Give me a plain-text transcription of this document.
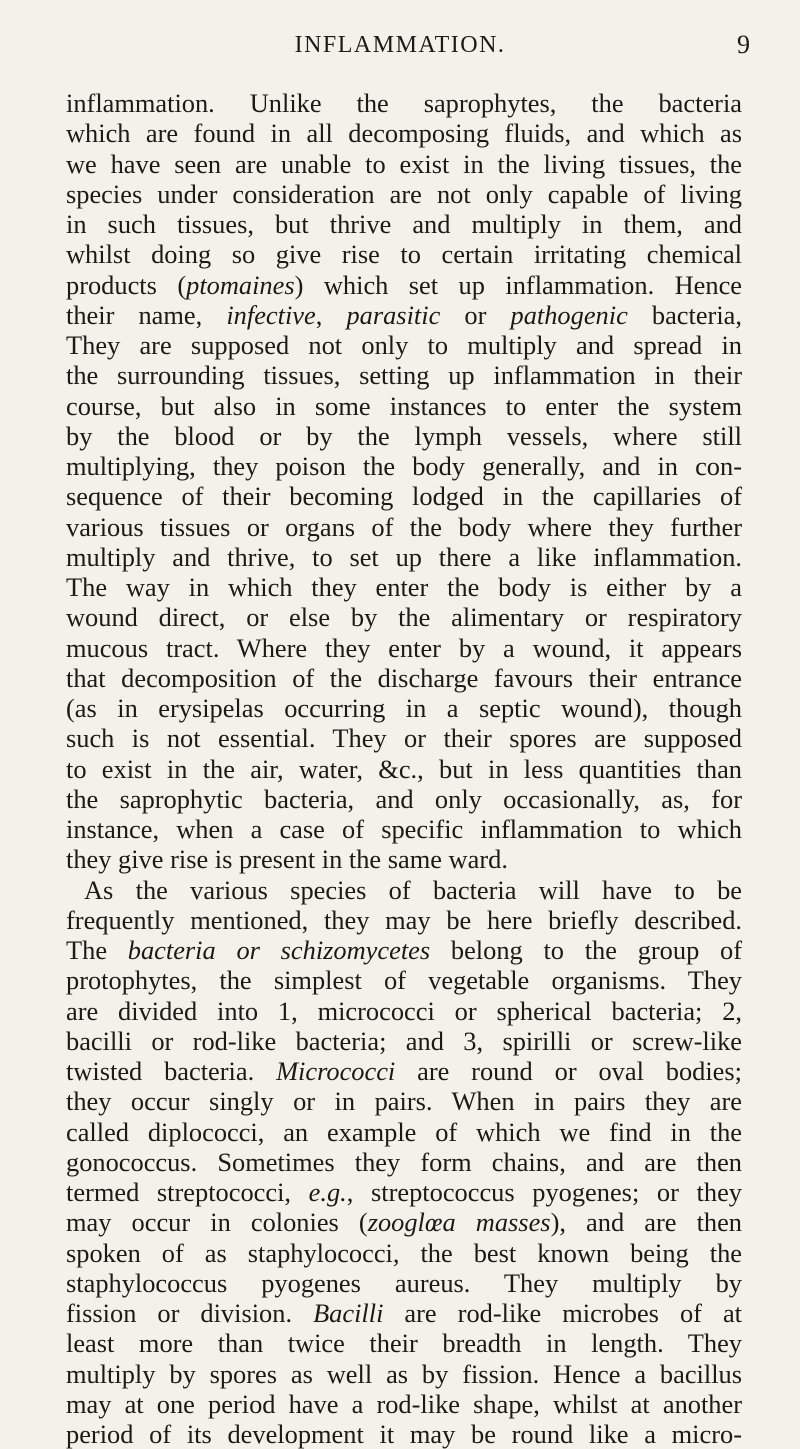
INFLAMMATION.	9
inflammation. Unlike the saprophytes, the bacteria
which are found in all decomposing fluids, and which as
we have seen are unable to exist in the living tissues, the
species under consideration are not only capable of living
in such tissues, but thrive and multiply in them, and
whilst doing so give rise to certain irritating chemical
products (ptomaines) which set up inflammation. Hence
their name, infective, parasitic or pathogenic bacteria,
They are supposed not only to multiply and spread in
the surrounding tissues, setting up inflammation in their
course, but also in some instances to enter the system
by the blood or by the lymph vessels, where still
multiplying, they poison the body generally, and in con-
sequence of their becoming lodged in the capillaries of
various tissues or organs of the body where they further
multiply and thrive, to set up there a like inflammation.
The way in which they enter the body is either by a
wound direct, or else by the alimentary or respiratory
mucous tract. Where they enter by a wound, it appears
that decomposition of the discharge favours their entrance
(as in erysipelas occurring in a septic wound), though
such is not essential. They or their spores are supposed
to exist in the air, water, &c., but in less quantities than
the saprophytic bacteria, and only occasionally, as, for
instance, when a case of specific inflammation to which
they give rise is present in the same ward.
As the various species of bacteria will have to be
frequently mentioned, they may be here briefly described.
The bacteria or schizomycetes belong to the group of
protophytes, the simplest of vegetable organisms. They
are divided into 1, micrococci or spherical bacteria; 2,
bacilli or rod-like bacteria; and 3, spirilli or screw-like
twisted bacteria. Micrococci are round or oval bodies;
they occur singly or in pairs. When in pairs they are
called diplococci, an example of which we find in the
gonococcus. Sometimes they form chains, and are then
termed streptococci, e.g., streptococcus pyogenes; or they
may occur in colonies (zooglœa masses), and are then
spoken of as staphylococci, the best known being the
staphylococcus pyogenes aureus. They multiply by
fission or division. Bacilli are rod-like microbes of at
least more than twice their breadth in length. They
multiply by spores as well as by fission. Hence a bacillus
may at one period have a rod-like shape, whilst at another
period of its development it may be round like a micro-
